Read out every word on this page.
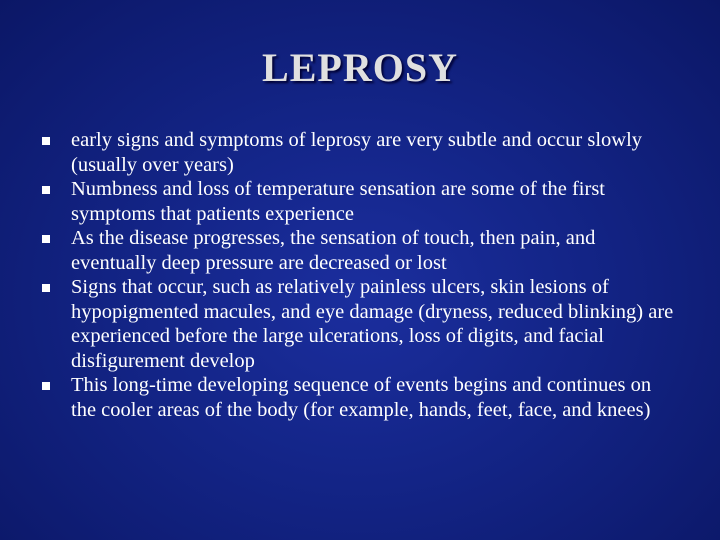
LEPROSY
early signs and symptoms of leprosy are very subtle and occur slowly (usually over years)
Numbness and loss of temperature sensation are some of the first symptoms that patients experience
As the disease progresses, the sensation of touch, then pain, and eventually deep pressure are decreased or lost
Signs that occur, such as relatively painless ulcers, skin lesions of hypopigmented macules, and eye damage (dryness, reduced blinking) are experienced before the large ulcerations, loss of digits, and facial disfigurement develop
This long-time developing sequence of events begins and continues on the cooler areas of the body (for example, hands, feet, face, and knees)
